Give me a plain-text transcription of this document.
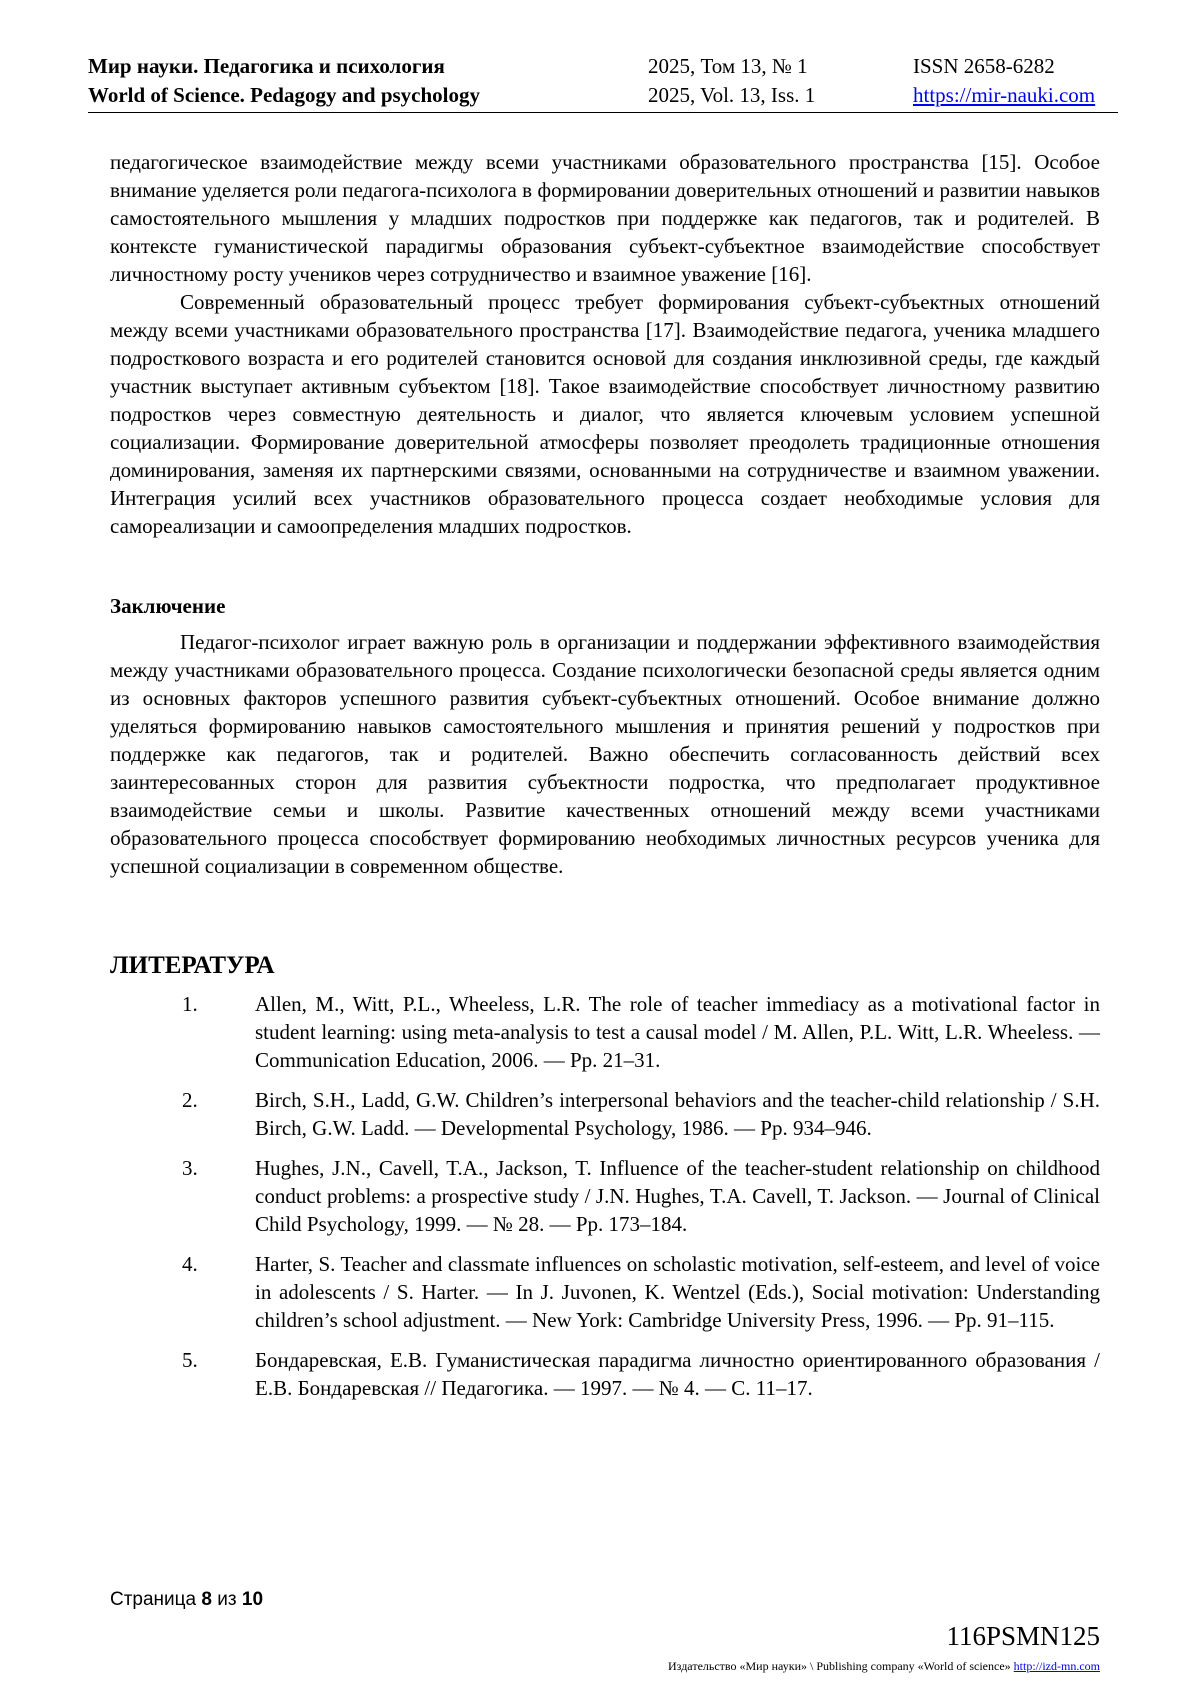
Мир науки. Педагогика и психология
World of Science. Pedagogy and psychology
2025, Том 13, № 1
2025, Vol. 13, Iss. 1
ISSN 2658-6282
https://mir-nauki.com

педагогическое взаимодействие между всеми участниками образовательного пространства [15]. Особое внимание уделяется роли педагога-психолога в формировании доверительных отношений и развитии навыков самостоятельного мышления у младших подростков при поддержке как педагогов, так и родителей. В контексте гуманистической парадигмы образования субъект-субъектное взаимодействие способствует личностному росту учеников через сотрудничество и взаимное уважение [16].

Современный образовательный процесс требует формирования субъект-субъектных отношений между всеми участниками образовательного пространства [17]. Взаимодействие педагога, ученика младшего подросткового возраста и его родителей становится основой для создания инклюзивной среды, где каждый участник выступает активным субъектом [18]. Такое взаимодействие способствует личностному развитию подростков через совместную деятельность и диалог, что является ключевым условием успешной социализации. Формирование доверительной атмосферы позволяет преодолеть традиционные отношения доминирования, заменяя их партнерскими связями, основанными на сотрудничестве и взаимном уважении. Интеграция усилий всех участников образовательного процесса создает необходимые условия для самореализации и самоопределения младших подростков.

Заключение

Педагог-психолог играет важную роль в организации и поддержании эффективного взаимодействия между участниками образовательного процесса. Создание психологически безопасной среды является одним из основных факторов успешного развития субъект-субъектных отношений. Особое внимание должно уделяться формированию навыков самостоятельного мышления и принятия решений у подростков при поддержке как педагогов, так и родителей. Важно обеспечить согласованность действий всех заинтересованных сторон для развития субъектности подростка, что предполагает продуктивное взаимодействие семьи и школы. Развитие качественных отношений между всеми участниками образовательного процесса способствует формированию необходимых личностных ресурсов ученика для успешной социализации в современном обществе.

ЛИТЕРАТУРА

1.	Allen, M., Witt, P.L., Wheeless, L.R. The role of teacher immediacy as a motivational factor in student learning: using meta-analysis to test a causal model / M. Allen, P.L. Witt, L.R. Wheeless. — Communication Education, 2006. — Pp. 21–31.
2.	Birch, S.H., Ladd, G.W. Children’s interpersonal behaviors and the teacher-child relationship / S.H. Birch, G.W. Ladd. — Developmental Psychology, 1986. — Pp. 934–946.
3.	Hughes, J.N., Cavell, T.A., Jackson, T. Influence of the teacher-student relationship on childhood conduct problems: a prospective study / J.N. Hughes, T.A. Cavell, T. Jackson. — Journal of Clinical Child Psychology, 1999. — № 28. — Pp. 173–184.
4.	Harter, S. Teacher and classmate influences on scholastic motivation, self-esteem, and level of voice in adolescents / S. Harter. — In J. Juvonen, K. Wentzel (Eds.), Social motivation: Understanding children’s school adjustment. — New York: Cambridge University Press, 1996. — Pp. 91–115.
5.	Бондаревская, Е.В. Гуманистическая парадигма личностно ориентированного образования / Е.В. Бондаревская // Педагогика. — 1997. — № 4. — С. 11–17.
Страница 8 из 10
116PSMN125
Издательство «Мир науки» \ Publishing company «World of science» http://izd-mn.com
